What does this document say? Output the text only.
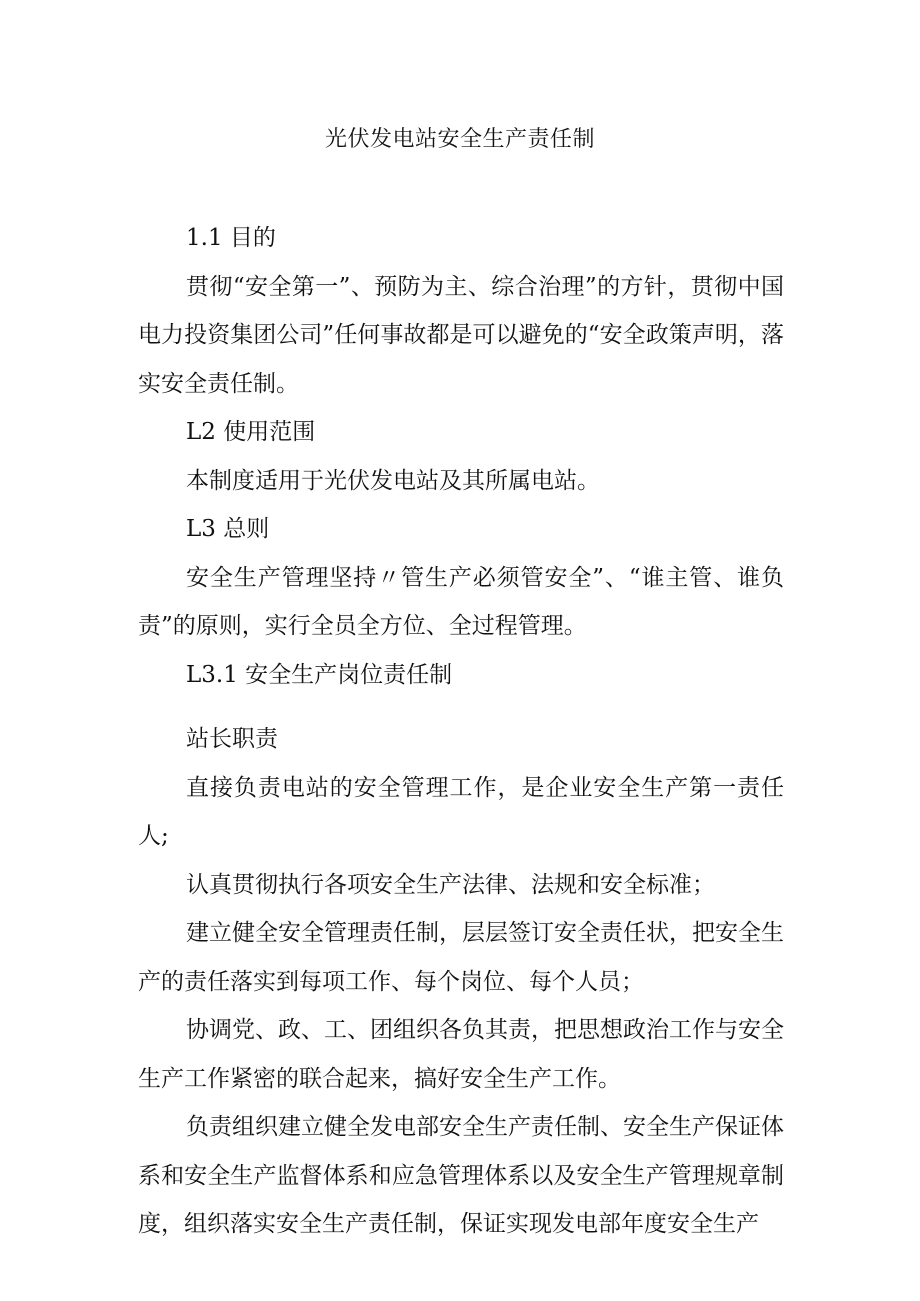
光伏发电站安全生产责任制

1.1 目的

贯彻“安全第一”、预防为主、综合治理”的方针，贯彻中国电力投资集团公司”任何事故都是可以避免的“安全政策声明，落实安全责任制。

L2 使用范围

本制度适用于光伏发电站及其所属电站。

L3 总则

安全生产管理坚持〃管生产必须管安全”、“谁主管、谁负责”的原则，实行全员全方位、全过程管理。

L3.1 安全生产岗位责任制

站长职责

直接负责电站的安全管理工作，是企业安全生产第一责任人;

认真贯彻执行各项安全生产法律、法规和安全标准；

建立健全安全管理责任制，层层签订安全责任状，把安全生产的责任落实到每项工作、每个岗位、每个人员；

协调党、政、工、团组织各负其责，把思想政治工作与安全生产工作紧密的联合起来，搞好安全生产工作。

负责组织建立健全发电部安全生产责任制、安全生产保证体系和安全生产监督体系和应急管理体系以及安全生产管理规章制度，组织落实安全生产责任制，保证实现发电部年度安全生产
